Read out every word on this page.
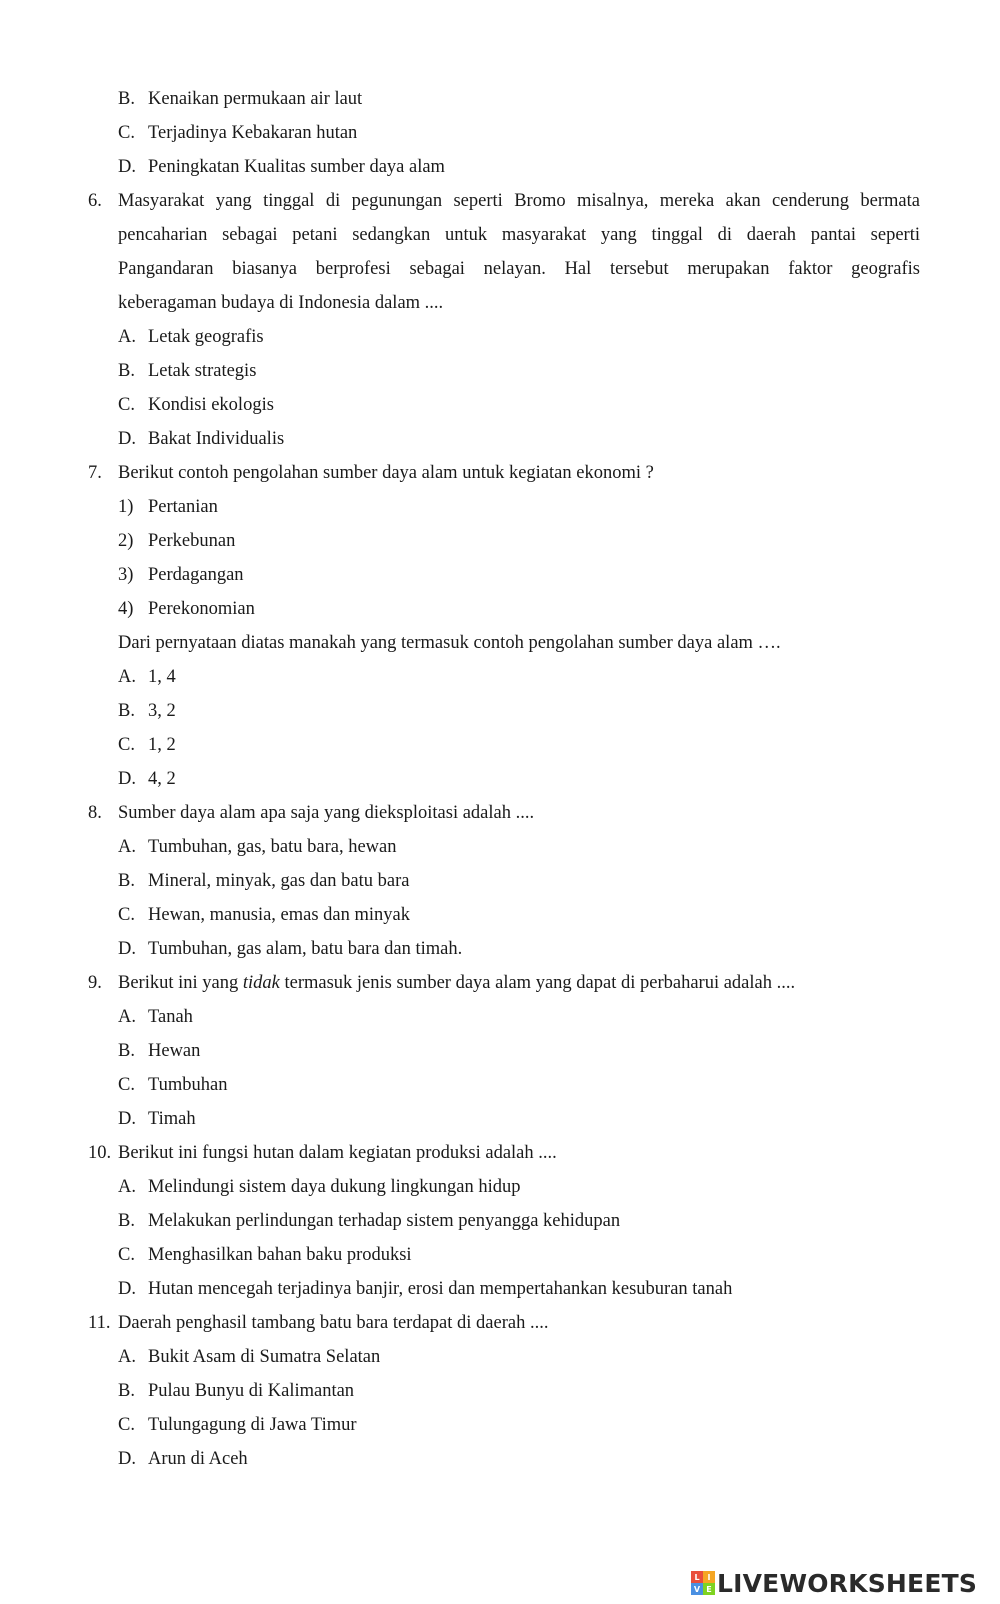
B. Kenaikan permukaan air laut
C. Terjadinya Kebakaran hutan
D. Peningkatan Kualitas sumber daya alam
6. Masyarakat yang tinggal di pegunungan seperti Bromo misalnya, mereka akan cenderung bermata
pencaharian sebagai petani sedangkan untuk masyarakat yang tinggal di daerah pantai seperti
Pangandaran biasanya berprofesi sebagai nelayan. Hal tersebut merupakan faktor geografis
keberagaman budaya di Indonesia dalam ....
A. Letak geografis
B. Letak strategis
C. Kondisi ekologis
D. Bakat Individualis
7. Berikut contoh pengolahan sumber daya alam untuk kegiatan ekonomi ?
1) Pertanian
2) Perkebunan
3) Perdagangan
4) Perekonomian
Dari pernyataan diatas manakah yang termasuk contoh pengolahan sumber daya alam ….
A. 1, 4
B. 3, 2
C. 1, 2
D. 4, 2
8. Sumber daya alam apa saja yang dieksploitasi adalah ....
A. Tumbuhan, gas, batu bara, hewan
B. Mineral, minyak, gas dan batu bara
C. Hewan, manusia, emas dan minyak
D. Tumbuhan, gas alam, batu bara dan timah.
9. Berikut ini yang tidak termasuk jenis sumber daya alam yang dapat di perbaharui adalah ....
A. Tanah
B. Hewan
C. Tumbuhan
D. Timah
10. Berikut ini fungsi hutan dalam kegiatan produksi adalah ....
A. Melindungi sistem daya dukung lingkungan hidup
B. Melakukan perlindungan terhadap sistem penyangga kehidupan
C. Menghasilkan bahan baku produksi
D. Hutan mencegah terjadinya banjir, erosi dan mempertahankan kesuburan tanah
11. Daerah penghasil tambang batu bara terdapat di daerah ....
A. Bukit Asam di Sumatra Selatan
B. Pulau Bunyu di Kalimantan
C. Tulungagung di Jawa Timur
D. Arun di Aceh
L I
V E LIVEWORKSHEETS
